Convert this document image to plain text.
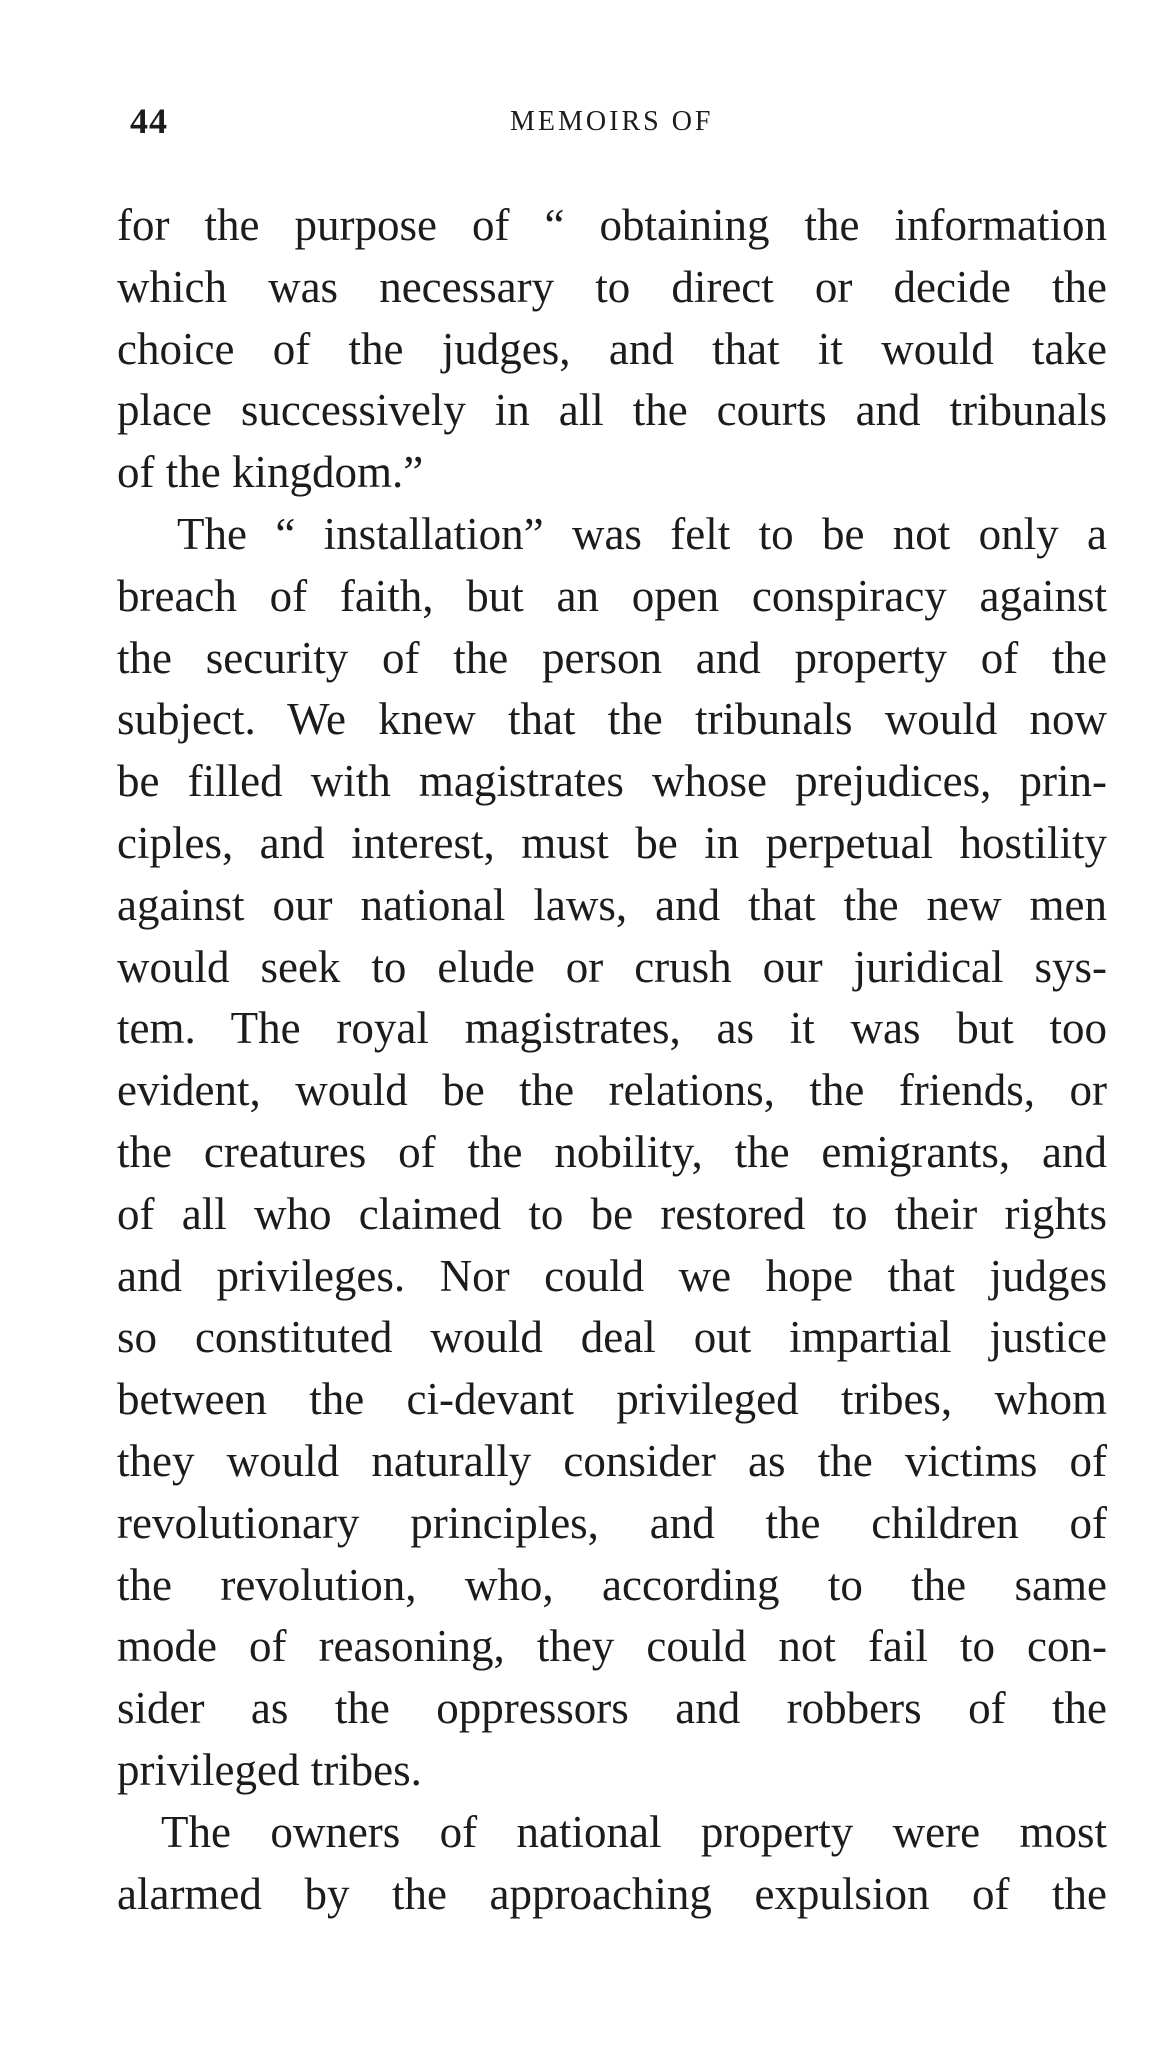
44	MEMOIRS OF
for the purpose of “ obtaining the information
which was necessary to direct or decide the
choice of the judges, and that it would take
place successively in all the courts and tribunals
of the kingdom.”
The “ installation” was felt to be not only a
breach of faith, but an open conspiracy against
the security of the person and property of the
subject. We knew that the tribunals would now
be filled with magistrates whose prejudices, prin-
ciples, and interest, must be in perpetual hostility
against our national laws, and that the new men
would seek to elude or crush our juridical sys-
tem. The royal magistrates, as it was but too
evident, would be the relations, the friends, or
the creatures of the nobility, the emigrants, and
of all who claimed to be restored to their rights
and privileges. Nor could we hope that judges
so constituted would deal out impartial justice
between the ci-devant privileged tribes, whom
they would naturally consider as the victims of
revolutionary principles, and the children of
the revolution, who, according to the same
mode of reasoning, they could not fail to con-
sider as the oppressors and robbers of the
privileged tribes.
The owners of national property were most
alarmed by the approaching expulsion of the
